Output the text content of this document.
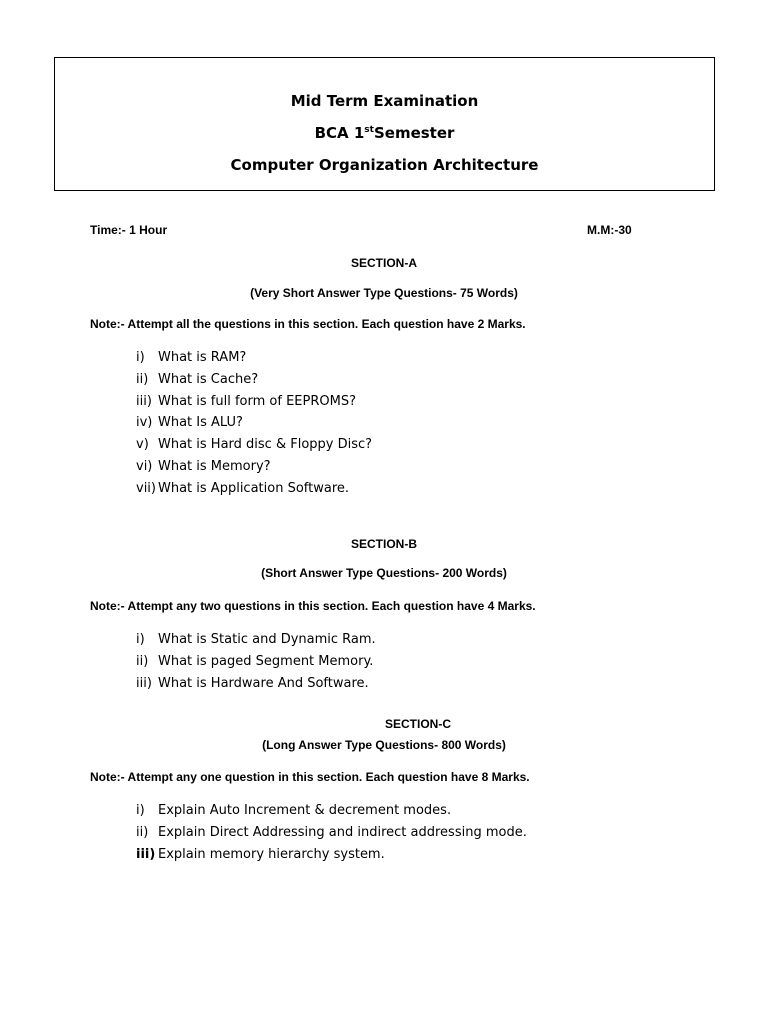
Mid Term Examination
BCA 1stSemester
Computer Organization Architecture
Time:- 1 Hour	M.M:-30
SECTION-A
(Very Short Answer Type Questions- 75 Words)
Note:- Attempt all the questions in this section. Each question have 2 Marks.
i) What is RAM?
ii) What is Cache?
iii) What is full form of EEPROMS?
iv) What Is ALU?
v) What is Hard disc & Floppy Disc?
vi) What is Memory?
vii) What is Application Software.
SECTION-B
(Short Answer Type Questions- 200 Words)
Note:- Attempt any two questions in this section. Each question have 4 Marks.
i) What is Static and Dynamic Ram.
ii) What is paged Segment Memory.
iii) What is Hardware And Software.
SECTION-C
(Long Answer Type Questions- 800 Words)
Note:- Attempt any one question in this section. Each question have 8 Marks.
i) Explain Auto Increment & decrement modes.
ii) Explain Direct Addressing and indirect addressing mode.
iii) Explain memory hierarchy system.
